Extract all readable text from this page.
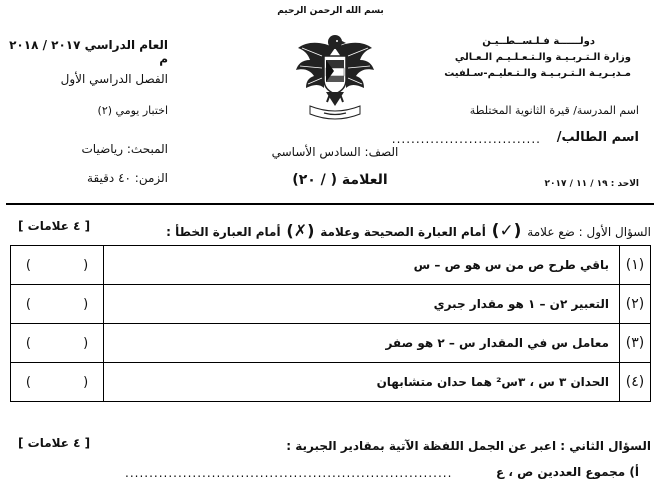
بسم الله الرحمن الرحيم
دولــــــة فـلـســطــيـن
وزارة الـتـربـيـة والـتـعـلـيـم الـعـالي
مـديـريـة الـتـربـيـة والـتـعليـم-سـلفيت
اسم المدرسة/ قيرة الثانوية المختلطة
اسم الطالب/
...............................
الاحد : ١٩ / ١١ / ٢٠١٧
العام الدراسي ٢٠١٧ / ٢٠١٨ م
الفصل الدراسي الأول
اختبار يومي (٢)
المبحث: رياضيات
الزمن: ٤٠ دقيقة
الصف: السادس الأساسي
العلامة ( / ٢٠)
السؤال الأول : ضع علامة (✓) أمام العبارة الصحيحة وعلامة (✗) أمام العبارة الخطأ :
[ ٤ علامات ]
(١)	باقي طرح ص من س هو ص – س	( )
(٢)	التعبير ٢ن – ١ هو مقدار جبري	( )
(٣)	معامل س في المقدار س – ٢ هو صفر	( )
(٤)	الحدان ٣ س ، ٣س² هما حدان متشابهان	( )
السؤال الثاني : اعبر عن الجمل اللفظة الآتية بمقادير الجبرية :
[ ٤ علامات ]
أ) مجموع العددين ص ، ع
....................................................................
